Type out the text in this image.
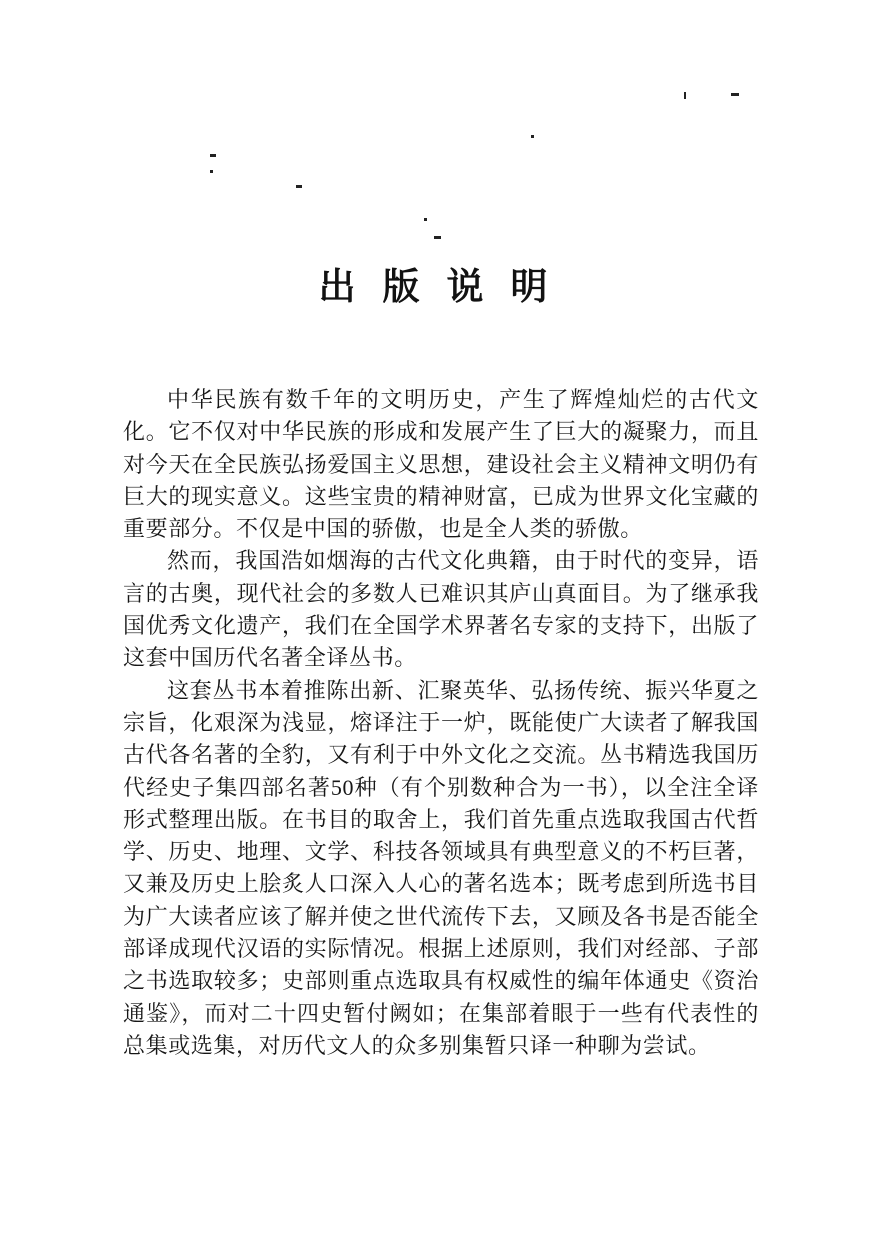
出 版 说 明

中华民族有数千年的文明历史，产生了辉煌灿烂的古代文化。它不仅对中华民族的形成和发展产生了巨大的凝聚力，而且对今天在全民族弘扬爱国主义思想，建设社会主义精神文明仍有巨大的现实意义。这些宝贵的精神财富，已成为世界文化宝藏的重要部分。不仅是中国的骄傲，也是全人类的骄傲。

然而，我国浩如烟海的古代文化典籍，由于时代的变异，语言的古奥，现代社会的多数人已难识其庐山真面目。为了继承我国优秀文化遗产，我们在全国学术界著名专家的支持下，出版了这套中国历代名著全译丛书。

这套丛书本着推陈出新、汇聚英华、弘扬传统、振兴华夏之宗旨，化艰深为浅显，熔译注于一炉，既能使广大读者了解我国古代各名著的全豹，又有利于中外文化之交流。丛书精选我国历代经史子集四部名著50种（有个别数种合为一书），以全注全译形式整理出版。在书目的取舍上，我们首先重点选取我国古代哲学、历史、地理、文学、科技各领域具有典型意义的不朽巨著，又兼及历史上脍炙人口深入人心的著名选本；既考虑到所选书目为广大读者应该了解并使之世代流传下去，又顾及各书是否能全部译成现代汉语的实际情况。根据上述原则，我们对经部、子部之书选取较多；史部则重点选取具有权威性的编年体通史《资治通鉴》，而对二十四史暂付阙如；在集部着眼于一些有代表性的总集或选集，对历代文人的众多别集暂只译一种聊为尝试。
